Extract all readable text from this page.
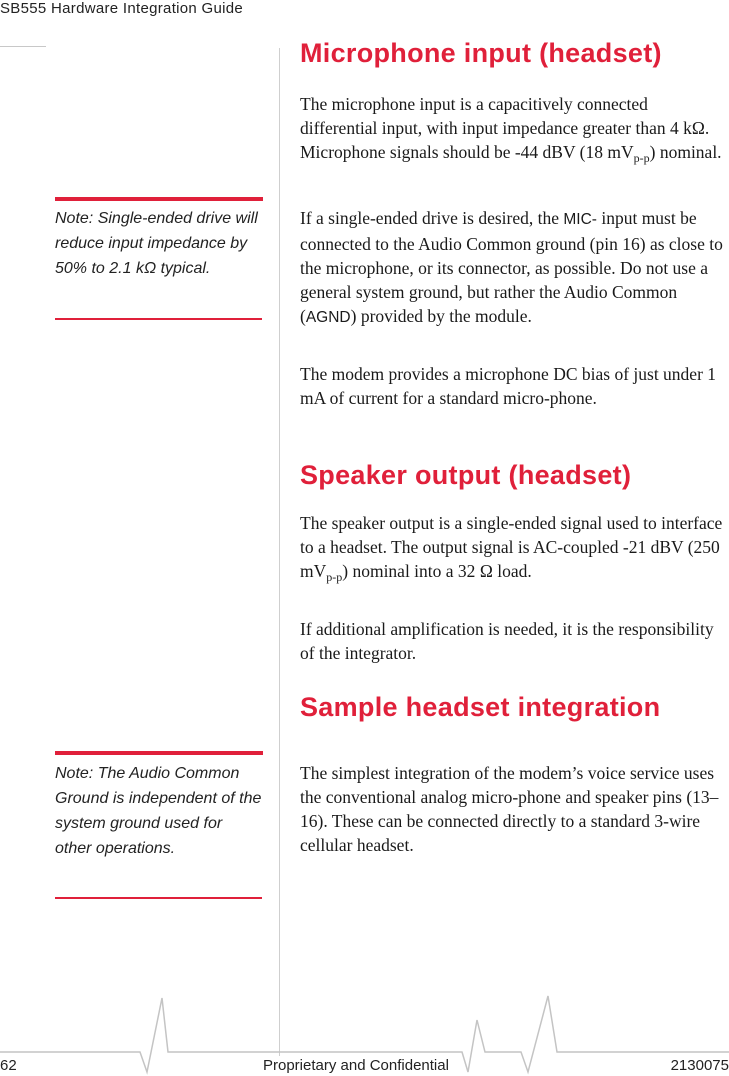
SB555 Hardware Integration Guide
Microphone input (headset)

The microphone input is a capacitively connected differential input, with input impedance greater than 4 kΩ. Microphone signals should be -44 dBV (18 $mV_{p-p}$) nominal.

Note: Single-ended drive will reduce input impedance by 50% to 2.1 kΩ typical.

If a single-ended drive is desired, the MIC- input must be connected to the Audio Common ground (pin 16) as close to the microphone, or its connector, as possible. Do not use a general system ground, but rather the Audio Common (AGND) provided by the module.

The modem provides a microphone DC bias of just under 1 mA of current for a standard micro-phone.

Speaker output (headset)

The speaker output is a single-ended signal used to interface to a headset. The output signal is AC-coupled -21 dBV (250 $mV_{p-p}$) nominal into a 32 Ω load.

If additional amplification is needed, it is the responsibility of the integrator.

Sample headset integration
Note: The Audio Common Ground is independent of the system ground used for other operations.

The simplest integration of the modem’s voice service uses the conventional analog micro-phone and speaker pins (13–16). These can be connected directly to a standard 3-wire cellular headset.

62	Proprietary and Confidential	2130075
